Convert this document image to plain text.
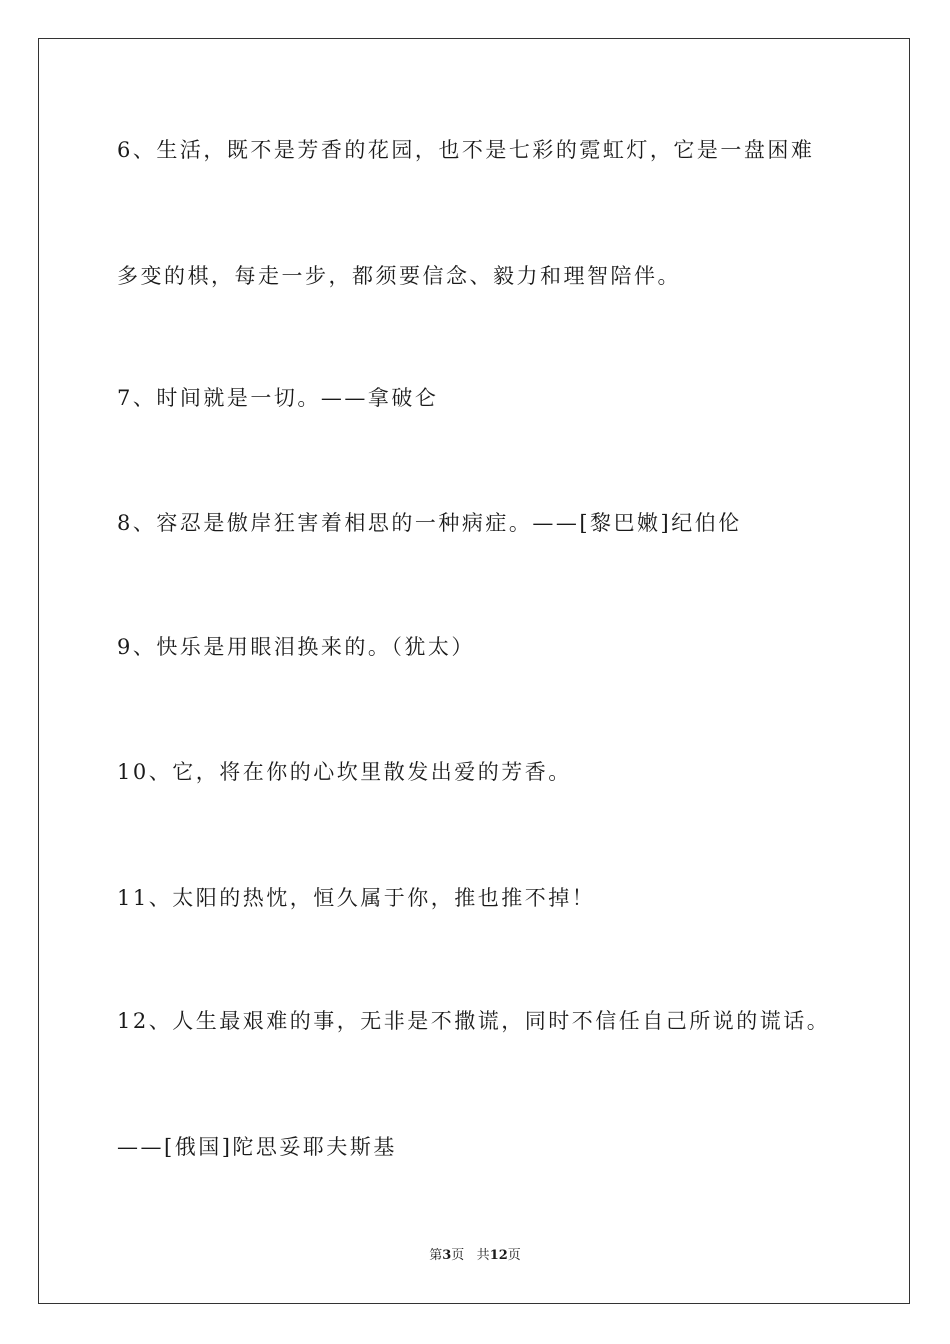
6、生活，既不是芳香的花园，也不是七彩的霓虹灯，它是一盘困难
多变的棋，每走一步，都须要信念、毅力和理智陪伴。
7、时间就是一切。——拿破仑
8、容忍是傲岸狂害着相思的一种病症。——[黎巴嫩]纪伯伦
9、快乐是用眼泪换来的。（犹太）
10、它，将在你的心坎里散发出爱的芳香。
11、太阳的热忱，恒久属于你，推也推不掉！
12、人生最艰难的事，无非是不撒谎，同时不信任自己所说的谎话。
——[俄国]陀思妥耶夫斯基
第3页 共12页
